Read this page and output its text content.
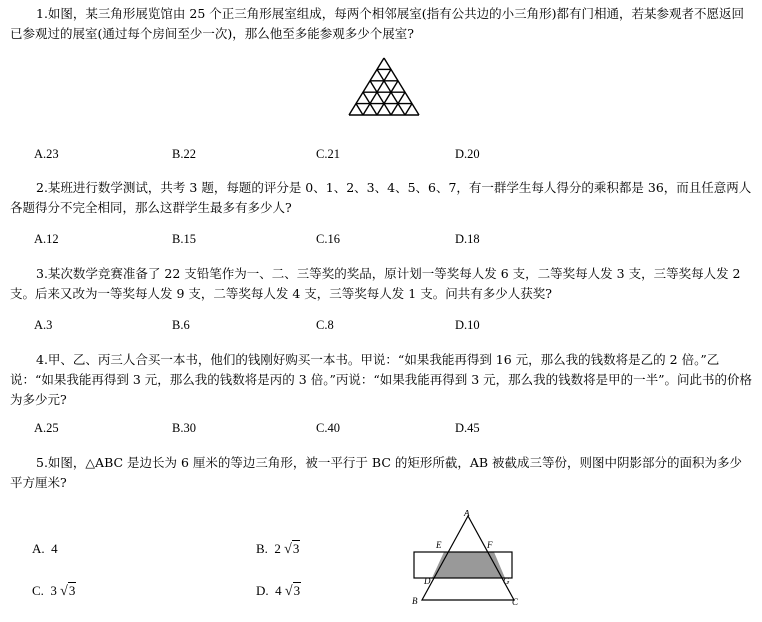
1.如图，某三角形展览馆由 25 个正三角形展室组成，每两个相邻展室(指有公共边的小三角形)都有门相通，若某参观者不愿返回已参观过的展室(通过每个房间至少一次)，那么他至多能参观多少个展室?

A.23	B.22	C.21	D.20

2.某班进行数学测试，共考 3 题，每题的评分是 0、1、2、3、4、5、6、7，有一群学生每人得分的乘积都是 36，而且任意两人各题得分不完全相同，那么这群学生最多有多少人?

A.12	B.15	C.16	D.18

3.某次数学竞赛准备了 22 支铅笔作为一、二、三等奖的奖品，原计划一等奖每人发 6 支，二等奖每人发 3 支，三等奖每人发 2 支。后来又改为一等奖每人发 9 支，二等奖每人发 4 支，三等奖每人发 1 支。问共有多少人获奖?

A.3	B.6	C.8	D.10

4.甲、乙、丙三人合买一本书，他们的钱刚好购买一本书。甲说：“如果我能再得到 16 元，那么我的钱数将是乙的 2 倍。”乙说：“如果我能再得到 3 元，那么我的钱数将是丙的 3 倍。”丙说：“如果我能再得到 3 元，那么我的钱数将是甲的一半”。问此书的价格为多少元?

A.25	B.30	C.40	D.45

5.如图，△ABC 是边长为 6 厘米的等边三角形，被一平行于 BC 的矩形所截，AB 被截成三等份，则图中阴影部分的面积为多少平方厘米?

A. 4	B. 2 √3
C. 3 √3	D. 4 √3
A
B	C
D
E	F
G
